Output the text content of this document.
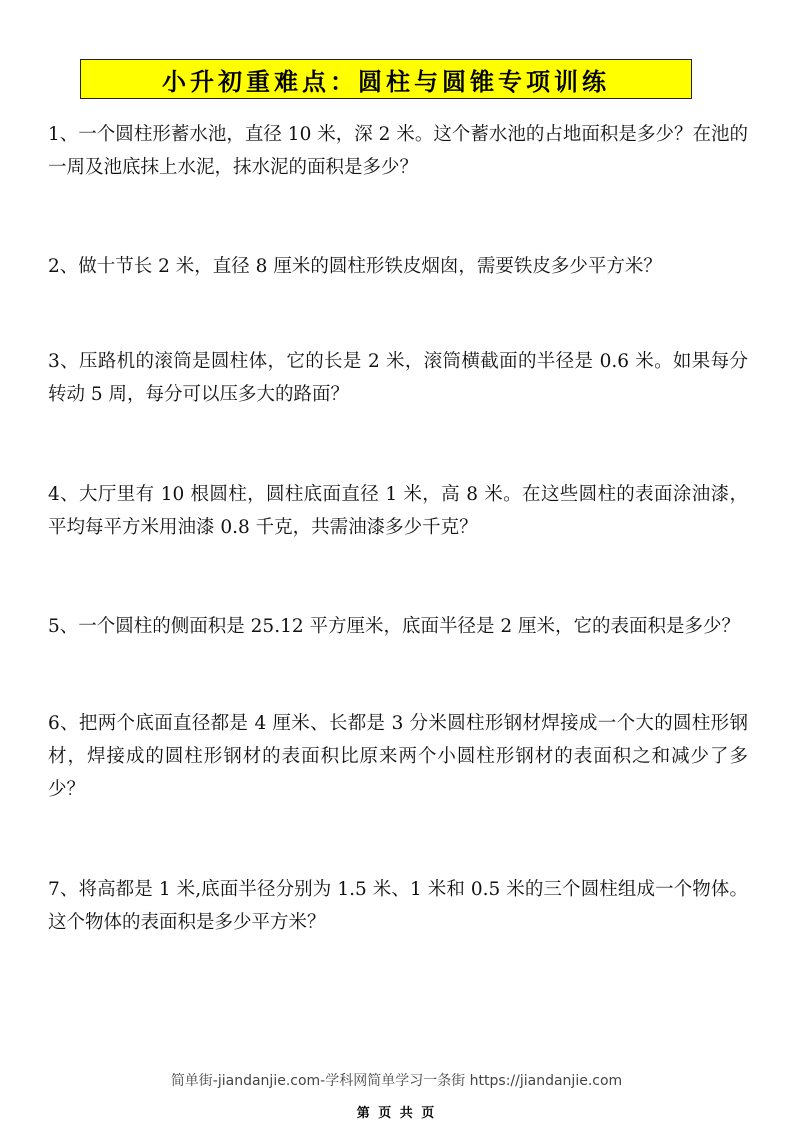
小升初重难点：圆柱与圆锥专项训练

1、一个圆柱形蓄水池，直径 10 米，深 2 米。这个蓄水池的占地面积是多少？在池的一周及池底抹上水泥，抹水泥的面积是多少？

2、做十节长 2 米，直径 8 厘米的圆柱形铁皮烟囱，需要铁皮多少平方米？

3、压路机的滚筒是圆柱体，它的长是 2 米，滚筒横截面的半径是 0.6 米。如果每分转动 5 周，每分可以压多大的路面？

4、大厅里有 10 根圆柱，圆柱底面直径 1 米，高 8 米。在这些圆柱的表面涂油漆，平均每平方米用油漆 0.8 千克，共需油漆多少千克？

5、一个圆柱的侧面积是 25.12 平方厘米，底面半径是 2 厘米，它的表面积是多少？

6、把两个底面直径都是 4 厘米、长都是 3 分米圆柱形钢材焊接成一个大的圆柱形钢材，焊接成的圆柱形钢材的表面积比原来两个小圆柱形钢材的表面积之和减少了多少？

7、将高都是 1 米,底面半径分别为 1.5 米、1 米和 0.5 米的三个圆柱组成一个物体。这个物体的表面积是多少平方米？

简单街-jiandanjie.com-学科网简单学习一条街 https://jiandanjie.com
第 页 共 页
